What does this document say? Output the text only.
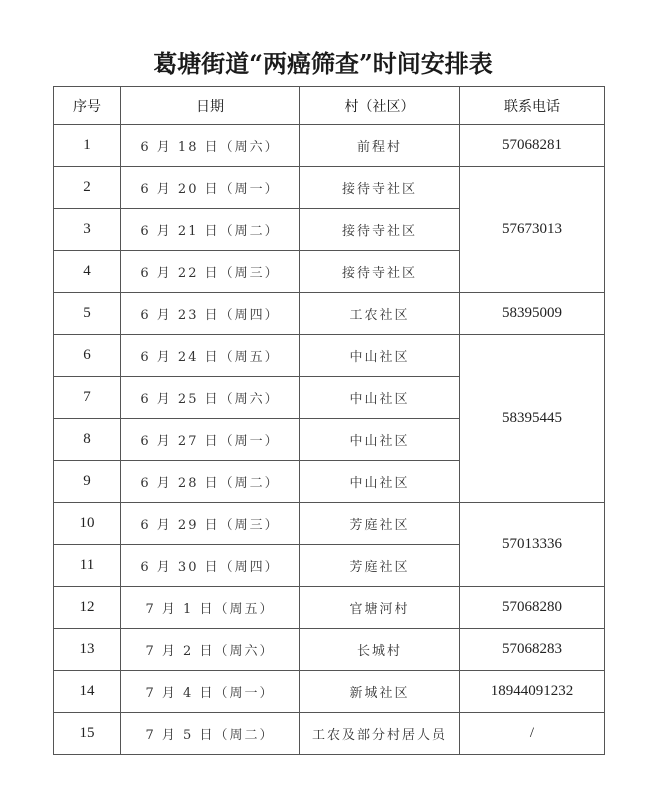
葛塘街道“两癌筛查”时间安排表
序号	日期	村（社区）	联系电话
1	6 月 18 日（周六）	前程村	57068281
2	6 月 20 日（周一）	接待寺社区	57673013
3	6 月 21 日（周二）	接待寺社区	
4	6 月 22 日（周三）	接待寺社区	
5	6 月 23 日（周四）	工农社区	58395009
6	6 月 24 日（周五）	中山社区	58395445
7	6 月 25 日（周六）	中山社区	
8	6 月 27 日（周一）	中山社区	
9	6 月 28 日（周二）	中山社区	
10	6 月 29 日（周三）	芳庭社区	57013336
11	6 月 30 日（周四）	芳庭社区	
12	7 月 1 日（周五）	官塘河村	57068280
13	7 月 2 日（周六）	长城村	57068283
14	7 月 4 日（周一）	新城社区	18944091232
15	7 月 5 日（周二）	工农及部分村居人员	/
